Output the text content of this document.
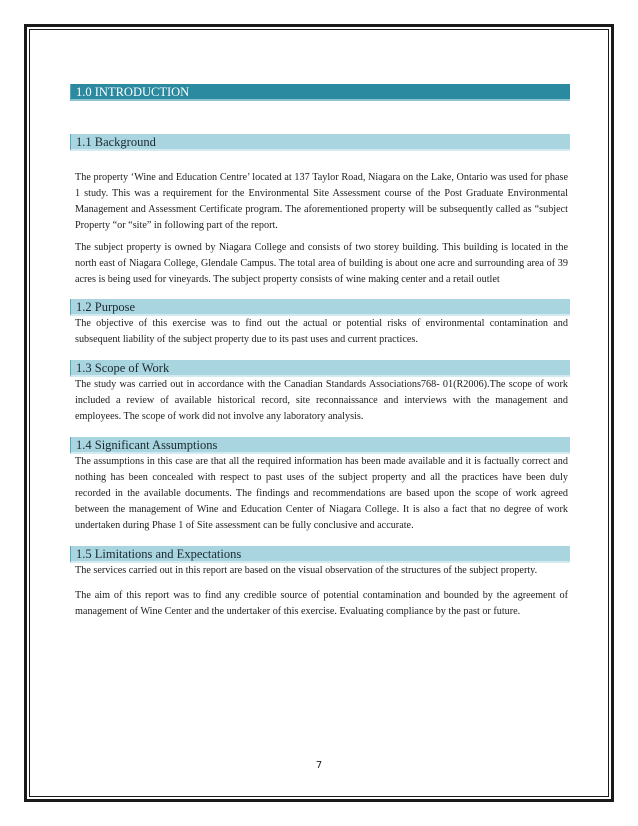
1.0 INTRODUCTION
1.1 Background

The property ‘Wine and Education Centre’ located at 137 Taylor Road, Niagara on the Lake, Ontario was used for phase 1 study. This was a requirement for the Environmental Site Assessment course of the Post Graduate Environmental Management and Assessment Certificate program. The aforementioned property will be subsequently called as “subject Property “or “site” in following part of the report.

The subject property is owned by Niagara College and consists of two storey building. This building is located in the north east of Niagara College, Glendale Campus. The total area of building is about one acre and surrounding area of 39 acres is being used for vineyards. The subject property consists of wine making center and a retail outlet

1.2 Purpose

The objective of this exercise was to find out the actual or potential risks of environmental contamination and subsequent liability of the subject property due to its past uses and current practices.

1.3 Scope of Work

The study was carried out in accordance with the Canadian Standards Associations768- 01(R2006).The scope of work included a review of available historical record, site reconnaissance and interviews with the management and employees. The scope of work did not involve any laboratory analysis.

1.4 Significant Assumptions

The assumptions in this case are that all the required information has been made available and it is factually correct and nothing has been concealed with respect to past uses of the subject property and all the practices have been duly recorded in the available documents. The findings and recommendations are based upon the scope of work agreed between the management of Wine and Education Center of Niagara College. It is also a fact that no degree of work undertaken during Phase 1 of Site assessment can be fully conclusive and accurate.

1.5 Limitations and Expectations

The services carried out in this report are based on the visual observation of the structures of the subject property.

The aim of this report was to find any credible source of potential contamination and bounded by the agreement of management of Wine Center and the undertaker of this exercise. Evaluating compliance by the past or future.

7
